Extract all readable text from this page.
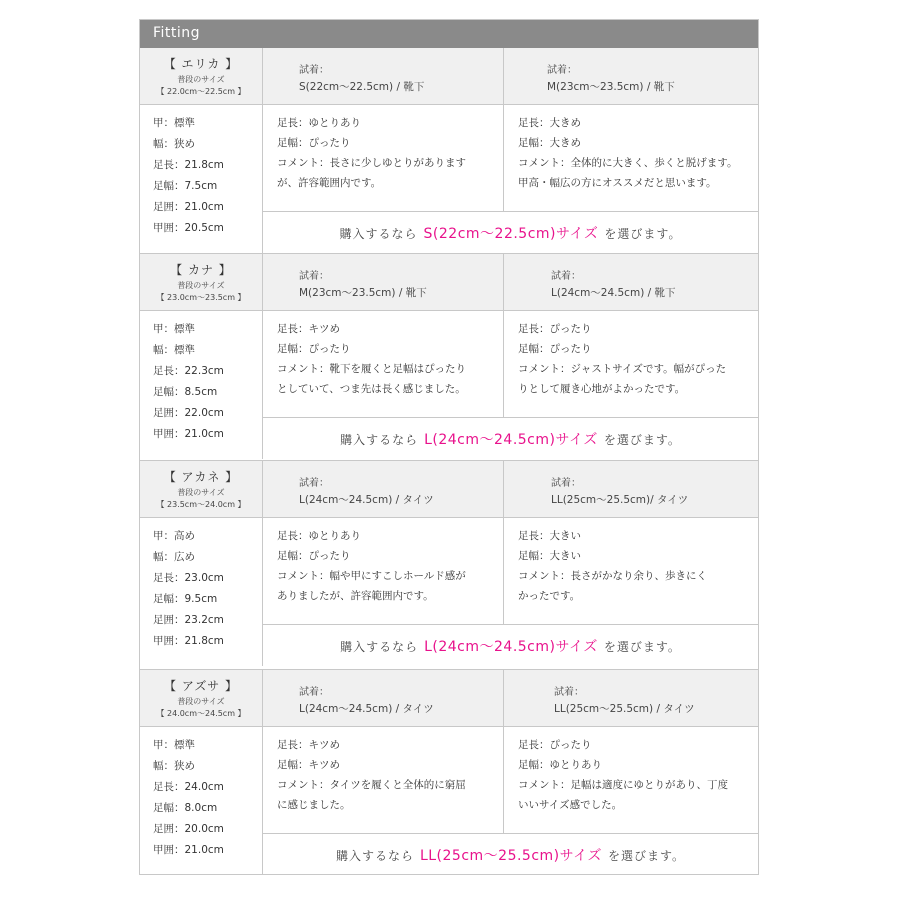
Fitting
【 エリカ 】
普段のサイズ
【 22.0cm〜22.5cm 】
試着：
S(22cm〜22.5cm) / 靴下
試着：
M(23cm〜23.5cm) / 靴下
甲：標準
幅：狭め
足長：21.8cm
足幅：7.5cm
足囲：21.0cm
甲囲：20.5cm
足長：ゆとりあり
足幅：ぴったり
コメント：長さに少しゆとりがあります
が、許容範囲内です。
足長：大きめ
足幅：大きめ
コメント：全体的に大きく、歩くと脱げます。
甲高・幅広の方にオススメだと思います。
購入するなら S(22cm〜22.5cm)サイズ を選びます。
【 カナ 】
普段のサイズ
【 23.0cm〜23.5cm 】
試着：
M(23cm〜23.5cm) / 靴下
試着：
L(24cm〜24.5cm) / 靴下
甲：標準
幅：標準
足長：22.3cm
足幅：8.5cm
足囲：22.0cm
甲囲：21.0cm
足長：キツめ
足幅：ぴったり
コメント：靴下を履くと足幅はぴったり
としていて、つま先は長く感じました。
足長：ぴったり
足幅：ぴったり
コメント：ジャストサイズです。幅がぴった
りとして履き心地がよかったです。
購入するなら L(24cm〜24.5cm)サイズ を選びます。
【 アカネ 】
普段のサイズ
【 23.5cm〜24.0cm 】
試着：
L(24cm〜24.5cm) / タイツ
試着：
LL(25cm〜25.5cm)/ タイツ
甲：高め
幅：広め
足長：23.0cm
足幅：9.5cm
足囲：23.2cm
甲囲：21.8cm
足長：ゆとりあり
足幅：ぴったり
コメント：幅や甲にすこしホールド感が
ありましたが、許容範囲内です。
足長：大きい
足幅：大きい
コメント：長さがかなり余り、歩きにく
かったです。
購入するなら L(24cm〜24.5cm)サイズ を選びます。
【 アズサ 】
普段のサイズ
【 24.0cm〜24.5cm 】
試着：
L(24cm〜24.5cm) / タイツ
試着：
LL(25cm〜25.5cm) / タイツ
甲：標準
幅：狭め
足長：24.0cm
足幅：8.0cm
足囲：20.0cm
甲囲：21.0cm
足長：キツめ
足幅：キツめ
コメント：タイツを履くと全体的に窮屈
に感じました。
足長：ぴったり
足幅：ゆとりあり
コメント：足幅は適度にゆとりがあり、丁度
いいサイズ感でした。
購入するなら LL(25cm〜25.5cm)サイズ を選びます。
